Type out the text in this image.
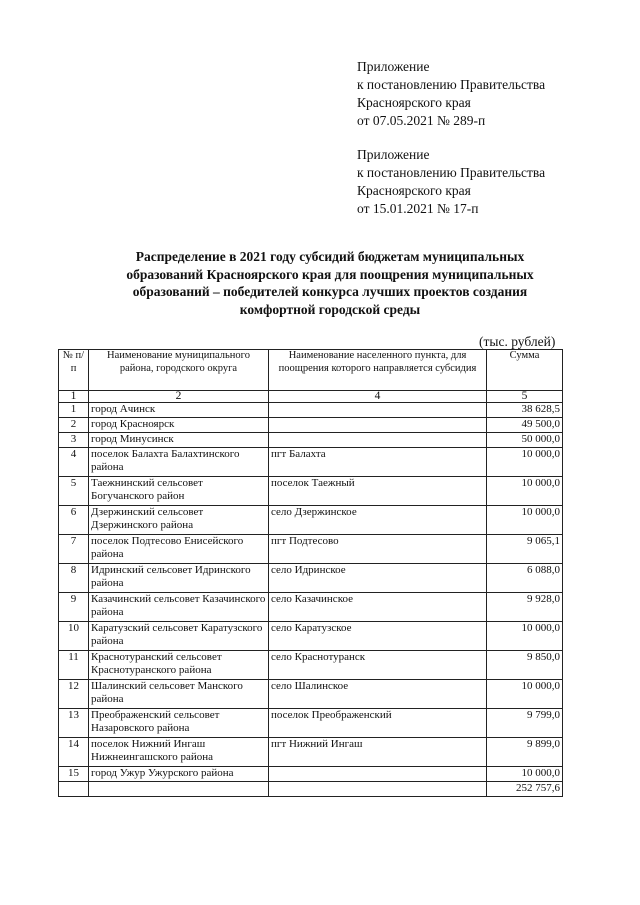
Приложение
к постановлению Правительства
Красноярского края
от 07.05.2021 № 289-п
Приложение
к постановлению Правительства
Красноярского края
от 15.01.2021 № 17-п
Распределение в 2021 году субсидий бюджетам муниципальных
образований Красноярского края для поощрения муниципальных
образований – победителей конкурса лучших проектов создания
комфортной городской среды
(тыс. рублей)
№ п/п	Наименование муниципального района, городского округа	Наименование населенного пункта, для поощрения которого направляется субсидия	Сумма
1	2	4	5
1	город Ачинск		38 628,5
2	город Красноярск		49 500,0
3	город Минусинск		50 000,0
4	поселок Балахта Балахтинского района	пгт Балахта	10 000,0
5	Таежнинский сельсовет Богучанского район	поселок Таежный	10 000,0
6	Дзержинский сельсовет Дзержинского района	село Дзержинское	10 000,0
7	поселок Подтесово Енисейского района	пгт Подтесово	9 065,1
8	Идринский сельсовет Идринского района	село Идринское	6 088,0
9	Казачинский сельсовет Казачинского района	село Казачинское	9 928,0
10	Каратузский сельсовет Каратузского района	село Каратузское	10 000,0
11	Краснотуранский сельсовет Краснотуранского района	село Краснотуранск	9 850,0
12	Шалинский сельсовет Манского района	село Шалинское	10 000,0
13	Преображенский сельсовет Назаровского района	поселок Преображенский	9 799,0
14	поселок Нижний Ингаш Нижнеингашского района	пгт Нижний Ингаш	9 899,0
15	город Ужур Ужурского района		10 000,0
			252 757,6
